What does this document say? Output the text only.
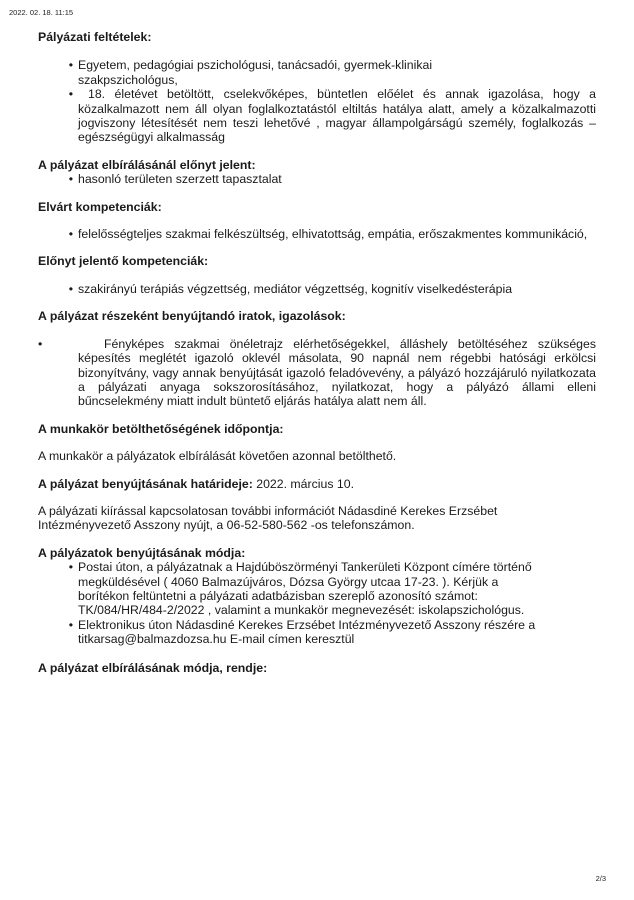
2022. 02. 18. 11:15

Pályázati feltételek:

• Egyetem, pedagógiai pszichológusi, tanácsadói, gyermek-klinikai szakpszichológus,
•	18. életévet betöltött, cselekvőképes, büntetlen előélet és annak igazolása, hogy a közalkalmazott nem áll olyan foglalkoztatástól eltiltás hatálya alatt, amely a közalkalmazotti jogviszony létesítését nem teszi lehetővé , magyar állampolgárságú személy, foglalkozás –egészségügyi alkalmasság

A pályázat elbírálásánál előnyt jelent:

• hasonló területen szerzett tapasztalat

Elvárt kompetenciák:

• felelősségteljes szakmai felkészültség, elhivatottság, empátia, erőszakmentes kommunikáció,

Előnyt jelentő kompetenciák:

• szakirányú terápiás végzettség, mediátor végzettség, kognitív viselkedésterápia

A pályázat részeként benyújtandó iratok, igazolások:

•	Fényképes szakmai önéletrajz elérhetőségekkel, álláshely betöltéséhez szükséges képesítés meglétét igazoló oklevél másolata, 90 napnál nem régebbi hatósági erkölcsi bizonyítvány, vagy annak benyújtását igazoló feladóvevény, a pályázó hozzájáruló nyilatkozata a pályázati anyaga sokszorosításához, nyilatkozat, hogy a pályázó állami elleni bűncselekmény miatt indult büntető eljárás hatálya alatt nem áll.

A munkakör betölthetőségének időpontja:

A munkakör a pályázatok elbírálását követően azonnal betölthető.

A pályázat benyújtásának határideje: 2022. március 10.

A pályázati kiírással kapcsolatosan további információt Nádasdiné Kerekes Erzsébet Intézményvezető Asszony nyújt, a 06-52-580-562 -os telefonszámon.

A pályázatok benyújtásának módja:

• Postai úton, a pályázatnak a Hajdúböszörményi Tankerületi Központ címére történő megküldésével ( 4060 Balmazújváros, Dózsa György utcaa 17-23. ). Kérjük a borítékon feltüntetni a pályázati adatbázisban szereplő azonosító számot: TK/084/HR/484-2/2022 , valamint a munkakör megnevezését: iskolapszichológus.
• Elektronikus úton Nádasdiné Kerekes Erzsébet Intézményvezető Asszony részére a titkarsag@balmazdozsa.hu E-mail címen keresztül

A pályázat elbírálásának módja, rendje:

2/3
